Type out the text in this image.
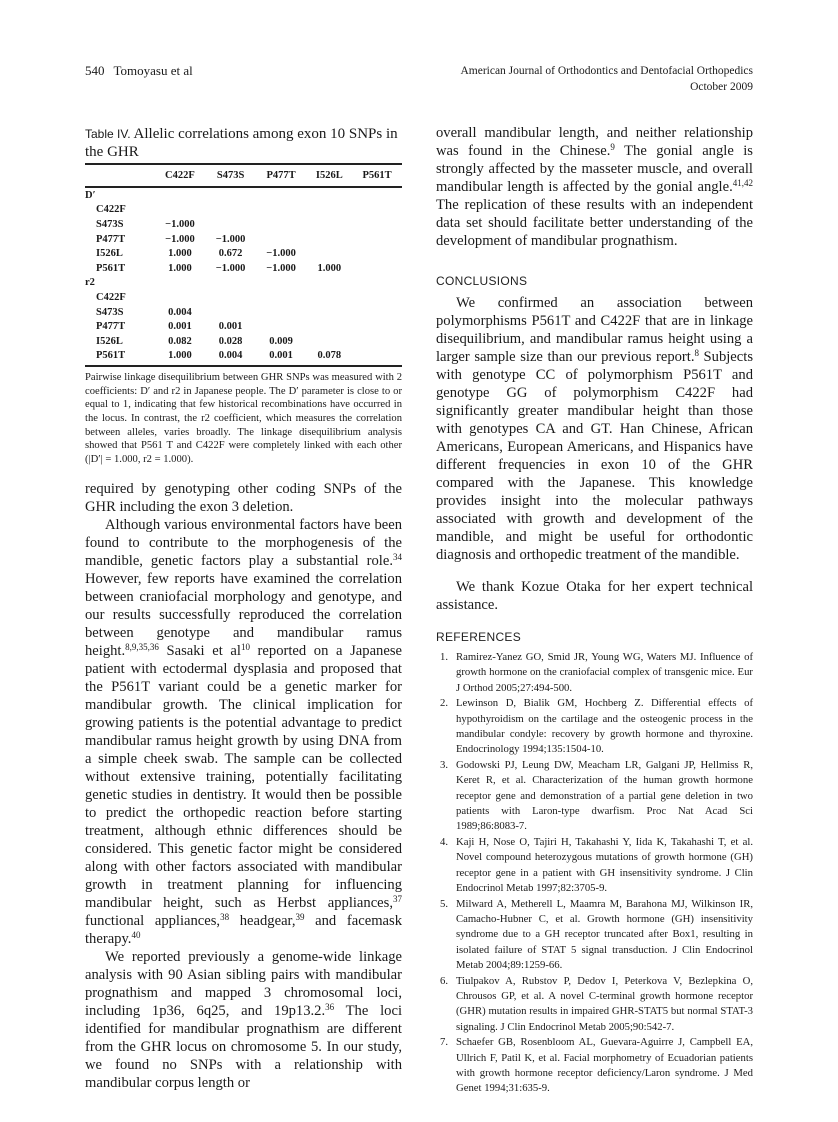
540 Tomoyasu et al	American Journal of Orthodontics and Dentofacial Orthopedics
October 2009
Table IV. Allelic correlations among exon 10 SNPs in the GHR
	C422F	S473S	P477T	I526L	P561T
D′					
C422F					
S473S	−1.000				
P477T	−1.000	−1.000			
I526L	1.000	0.672	−1.000		
P561T	1.000	−1.000	−1.000	1.000	
r2					
C422F					
S473S	0.004				
P477T	0.001	0.001			
I526L	0.082	0.028	0.009		
P561T	1.000	0.004	0.001	0.078	
Pairwise linkage disequilibrium between GHR SNPs was measured with 2 coefficients: D′ and r2 in Japanese people. The D′ parameter is close to or equal to 1, indicating that few historical recombinations have occurred in the locus. In contrast, the r2 coefficient, which measures the correlation between alleles, varies broadly. The linkage disequilibrium analysis showed that P561 T and C422F were completely linked with each other (|D′| = 1.000, r2 = 1.000).

required by genotyping other coding SNPs of the GHR including the exon 3 deletion.

Although various environmental factors have been found to contribute to the morphogenesis of the mandible, genetic factors play a substantial role.$^{34}$ However, few reports have examined the correlation between craniofacial morphology and genotype, and our results successfully reproduced the correlation between genotype and mandibular ramus height.$^{8,9,35,36}$ Sasaki et $al^{10}$ reported on a Japanese patient with ectodermal dysplasia and proposed that the P561T variant could be a genetic marker for mandibular growth. The clinical implication for growing patients is the potential advantage to predict mandibular ramus height growth by using DNA from a simple cheek swab. The sample can be collected without extensive training, potentially facilitating genetic studies in dentistry. It would then be possible to predict the orthopedic reaction before starting treatment, although ethnic differences should be considered. This genetic factor might be considered along with other factors associated with mandibular growth in treatment planning for influencing mandibular height, such as Herbst appliances,$^{37}$ functional appliances,$^{38}$ headgear,$^{39}$ and facemask therapy.$^{40}$

We reported previously a genome-wide linkage analysis with 90 Asian sibling pairs with mandibular prognathism and mapped 3 chromosomal loci, including 1p36, 6q25, and 19p13.2.36 The loci identified for mandibular prognathism are different from the GHR locus on chromosome 5. In our study, we found no SNPs with a relationship with mandibular corpus length or

overall mandibular length, and neither relationship was found in the Chinese.$^9$ The gonial angle is strongly affected by the masseter muscle, and overall mandibular length is affected by the gonial angle.$^{41,42}$ The replication of these results with an independent data set should facilitate better understanding of the development of mandibular prognathism.

CONCLUSIONS

We confirmed an association between polymorphisms P561T and C422F that are in linkage disequilibrium, and mandibular ramus height using a larger sample size than our previous report.$^8$ Subjects with genotype CC of polymorphism P561T and genotype GG of polymorphism C422F had significantly greater mandibular height than those with genotypes CA and GT. Han Chinese, African Americans, European Americans, and Hispanics have different frequencies in exon 10 of the GHR compared with the Japanese. This knowledge provides insight into the molecular pathways associated with growth and development of the mandible, and might be useful for orthodontic diagnosis and orthopedic treatment of the mandible.

We thank Kozue Otaka for her expert technical assistance.
REFERENCES
1. Ramirez-Yanez GO, Smid JR, Young WG, Waters MJ. Influence of growth hormone on the craniofacial complex of transgenic mice. Eur J Orthod 2005;27:494-500.
2. Lewinson D, Bialik GM, Hochberg Z. Differential effects of hypothyroidism on the cartilage and the osteogenic process in the mandibular condyle: recovery by growth hormone and thyroxine. Endocrinology 1994;135:1504-10.
3. Godowski PJ, Leung DW, Meacham LR, Galgani JP, Hellmiss R, Keret R, et al. Characterization of the human growth hormone receptor gene and demonstration of a partial gene deletion in two patients with Laron-type dwarfism. Proc Nat Acad Sci 1989;86:8083-7.
4. Kaji H, Nose O, Tajiri H, Takahashi Y, Iida K, Takahashi T, et al. Novel compound heterozygous mutations of growth hormone (GH) receptor gene in a patient with GH insensitivity syndrome. J Clin Endocrinol Metab 1997;82:3705-9.
5. Milward A, Metherell L, Maamra M, Barahona MJ, Wilkinson IR, Camacho-Hubner C, et al. Growth hormone (GH) insensitivity syndrome due to a GH receptor truncated after Box1, resulting in isolated failure of STAT 5 signal transduction. J Clin Endocrinol Metab 2004;89:1259-66.
6. Tiulpakov A, Rubstov P, Dedov I, Peterkova V, Bezlepkina O, Chrousos GP, et al. A novel C-terminal growth hormone receptor (GHR) mutation results in impaired GHR-STAT5 but normal STAT-3 signaling. J Clin Endocrinol Metab 2005;90:542-7.
7. Schaefer GB, Rosenbloom AL, Guevara-Aguirre J, Campbell EA, Ullrich F, Patil K, et al. Facial morphometry of Ecuadorian patients with growth hormone receptor deficiency/Laron syndrome. J Med Genet 1994;31:635-9.
